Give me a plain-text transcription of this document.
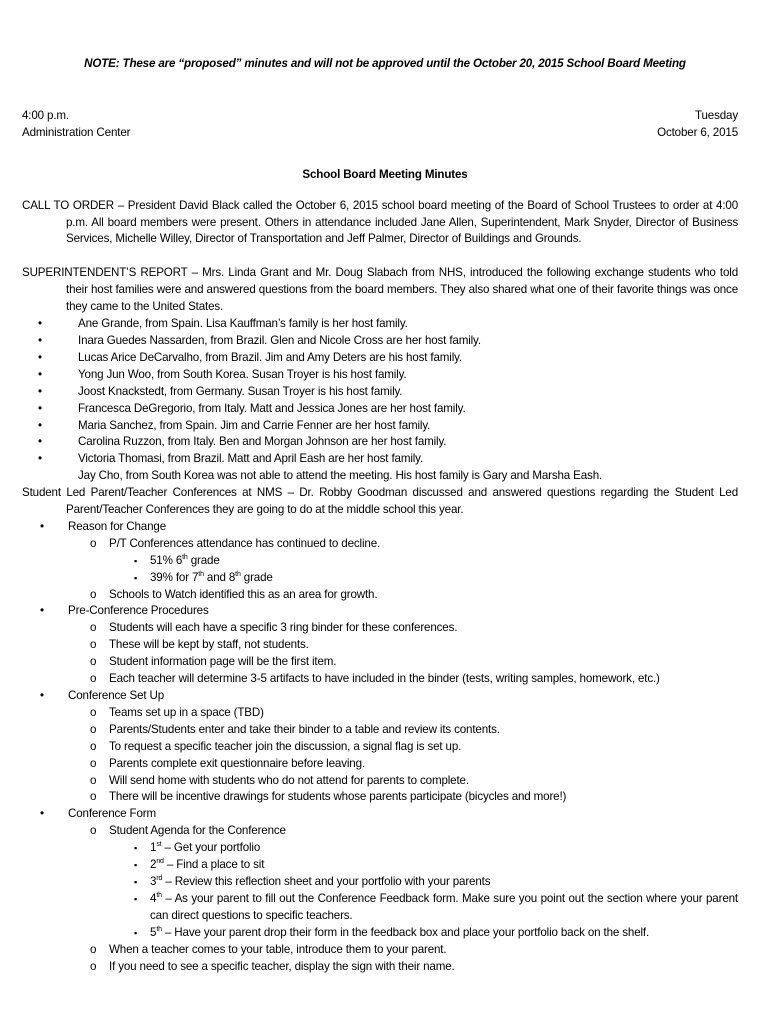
NOTE: These are “proposed” minutes and will not be approved until the October 20, 2015 School Board Meeting

4:00 p.m.
Administration Center
Tuesday
October 6, 2015

School Board Meeting Minutes

CALL TO ORDER – President David Black called the October 6, 2015 school board meeting of the Board of School Trustees to order at 4:00 p.m. All board members were present. Others in attendance included Jane Allen, Superintendent, Mark Snyder, Director of Business Services, Michelle Willey, Director of Transportation and Jeff Palmer, Director of Buildings and Grounds.

SUPERINTENDENT’S REPORT – Mrs. Linda Grant and Mr. Doug Slabach from NHS, introduced the following exchange students who told their host families were and answered questions from the board members. They also shared what one of their favorite things was once they came to the United States.

•	Ane Grande, from Spain. Lisa Kauffman’s family is her host family.
•	Inara Guedes Nassarden, from Brazil. Glen and Nicole Cross are her host family.
•	Lucas Arice DeCarvalho, from Brazil. Jim and Amy Deters are his host family.
•	Yong Jun Woo, from South Korea. Susan Troyer is his host family.
•	Joost Knackstedt, from Germany. Susan Troyer is his host family.
•	Francesca DeGregorio, from Italy. Matt and Jessica Jones are her host family.
•	Maria Sanchez, from Spain. Jim and Carrie Fenner are her host family.
•	Carolina Ruzzon, from Italy. Ben and Morgan Johnson are her host family.
•	Victoria Thomasi, from Brazil. Matt and April Eash are her host family.

Jay Cho, from South Korea was not able to attend the meeting. His host family is Gary and Marsha Eash.

Student Led Parent/Teacher Conferences at NMS – Dr. Robby Goodman discussed and answered questions regarding the Student Led Parent/Teacher Conferences they are going to do at the middle school this year.

• Reason for Change
o P/T Conferences attendance has continued to decline.
▪ 51% 6th grade
▪ 39% for 7th and 8th grade
o Schools to Watch identified this as an area for growth.
• Pre-Conference Procedures
o Students will each have a specific 3 ring binder for these conferences.
o These will be kept by staff, not students.
o Student information page will be the first item.
o Each teacher will determine 3-5 artifacts to have included in the binder (tests, writing samples, homework, etc.)
• Conference Set Up
o Teams set up in a space (TBD)
o Parents/Students enter and take their binder to a table and review its contents.
o To request a specific teacher join the discussion, a signal flag is set up.
o Parents complete exit questionnaire before leaving.
o Will send home with students who do not attend for parents to complete.
o There will be incentive drawings for students whose parents participate (bicycles and more!)
• Conference Form
o Student Agenda for the Conference
▪ 1st – Get your portfolio
▪ 2nd – Find a place to sit
▪ 3rd – Review this reflection sheet and your portfolio with your parents
▪ 4th – As your parent to fill out the Conference Feedback form. Make sure you point out the section where your parent can direct questions to specific teachers.
▪ 5th – Have your parent drop their form in the feedback box and place your portfolio back on the shelf.
o When a teacher comes to your table, introduce them to your parent.
o If you need to see a specific teacher, display the sign with their name.
